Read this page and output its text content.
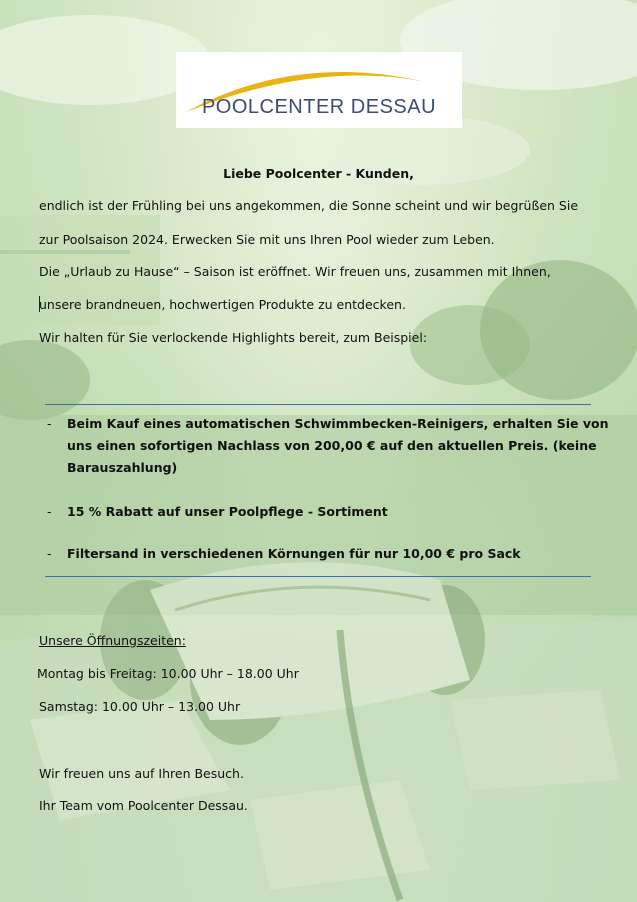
POOLCENTER DESSAU
Liebe Poolcenter - Kunden,
endlich ist der Frühling bei uns angekommen, die Sonne scheint und wir begrüßen Sie
zur Poolsaison 2024. Erwecken Sie mit uns Ihren Pool wieder zum Leben.
Die „Urlaub zu Hause“ – Saison ist eröffnet. Wir freuen uns, zusammen mit Ihnen,
unsere brandneuen, hochwertigen Produkte zu entdecken.
Wir halten für Sie verlockende Highlights bereit, zum Beispiel:
- Beim Kauf eines automatischen Schwimmbecken-Reinigers, erhalten Sie von
uns einen sofortigen Nachlass von 200,00 € auf den aktuellen Preis. (keine
Barauszahlung)
- 15 % Rabatt auf unser Poolpflege - Sortiment
- Filtersand in verschiedenen Körnungen für nur 10,00 € pro Sack
Unsere Öffnungszeiten:
Montag bis Freitag: 10.00 Uhr – 18.00 Uhr
Samstag: 10.00 Uhr – 13.00 Uhr
Wir freuen uns auf Ihren Besuch.
Ihr Team vom Poolcenter Dessau.
